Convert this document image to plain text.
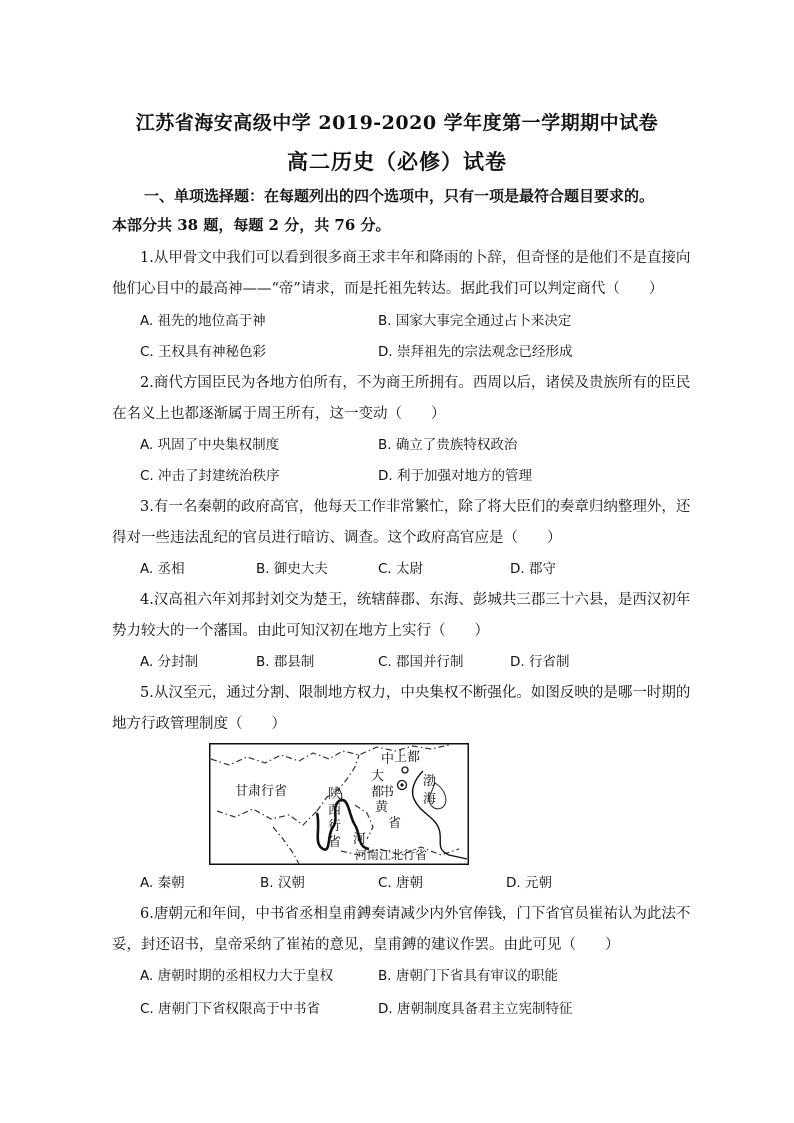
江苏省海安高级中学 2019-2020 学年度第一学期期中试卷
高二历史（必修）试卷
一、单项选择题：在每题列出的四个选项中，只有一项是最符合题目要求的。
本部分共 38 题，每题 2 分，共 76 分。
1.从甲骨文中我们可以看到很多商王求丰年和降雨的卜辞，但奇怪的是他们不是直接向
他们心目中的最高神——“帝”请求，而是托祖先转达。据此我们可以判定商代（　　）
A. 祖先的地位高于神	B. 国家大事完全通过占卜来决定
C. 王权具有神秘色彩	D. 崇拜祖先的宗法观念已经形成
2.商代方国臣民为各地方伯所有，不为商王所拥有。西周以后，诸侯及贵族所有的臣民
在名义上也都逐渐属于周王所有，这一变动（　　）
A. 巩固了中央集权制度	B. 确立了贵族特权政治
C. 冲击了封建统治秩序	D. 利于加强对地方的管理
3.有一名秦朝的政府高官，他每天工作非常繁忙，除了将大臣们的奏章归纳整理外，还
得对一些违法乱纪的官员进行暗访、调查。这个政府高官应是（　　）
A. 丞相	B. 御史大夫	C. 太尉	D. 郡守
4.汉高祖六年刘邦封刘交为楚王，统辖薛郡、东海、彭城共三郡三十六县，是西汉初年
势力较大的一个藩国。由此可知汉初在地方上实行（　　）
A. 分封制	B. 郡县制	C. 郡国并行制	D. 行省制
5.从汉至元，通过分割、限制地方权力，中央集权不断强化。如图反映的是哪一时期的
地方行政管理制度（　　）
甘肃行省	陕
西
行
省
中
书
省
上都
大
都
渤
海
黄
河
河南江北行省
A. 秦朝	B. 汉朝	C. 唐朝	D. 元朝
6.唐朝元和年间，中书省丞相皇甫鎛奏请减少内外官俸钱，门下省官员崔祐认为此法不
妥，封还诏书，皇帝采纳了崔祐的意见，皇甫鎛的建议作罢。由此可见（　　）
A. 唐朝时期的丞相权力大于皇权	B. 唐朝门下省具有审议的职能
C. 唐朝门下省权限高于中书省	D. 唐朝制度具备君主立宪制特征
